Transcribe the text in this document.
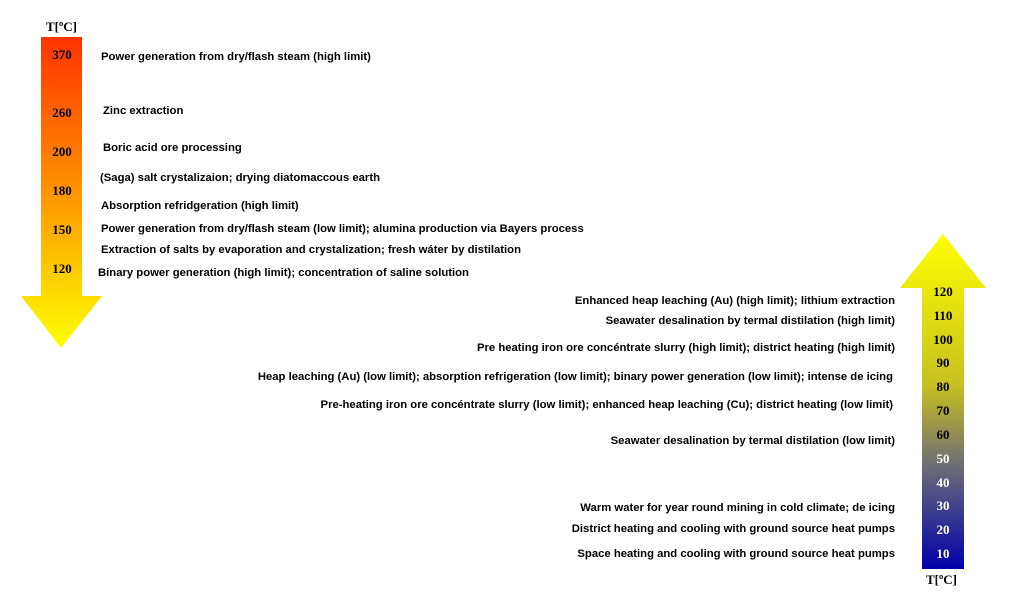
T[ºC]
T[ºC]
370
260
200
180
150
120
Power generation from dry/flash steam (high limit)
Zinc extraction
Boric acid ore processing
(Saga) salt crystalizaion; drying diatomaccous earth
Absorption refridgeration (high limit)
Power generation from dry/flash steam (low limit); alumina production via Bayers process
Extraction of salts by evaporation and crystalization; fresh wáter by distilation
Binary power generation (high limit); concentration of saline solution
120
110
100
90
80
70
60
50
40
30
20
10
Enhanced heap leaching (Au) (high limit); lithium extraction
Seawater desalination by termal distilation (high limit)
Pre heating iron ore concéntrate slurry (high limit); district heating (high limit)
Heap leaching (Au) (low limit); absorption refrigeration (low limit); binary power generation (low limit); intense de icing
Pre-heating iron ore concéntrate slurry (low limit); enhanced heap leaching (Cu); district heating (low limit)
Seawater desalination by termal distilation (low limit)
Warm water for year round mining in cold climate; de icing
District heating and cooling with ground source heat pumps
Space heating and cooling with ground source heat pumps
